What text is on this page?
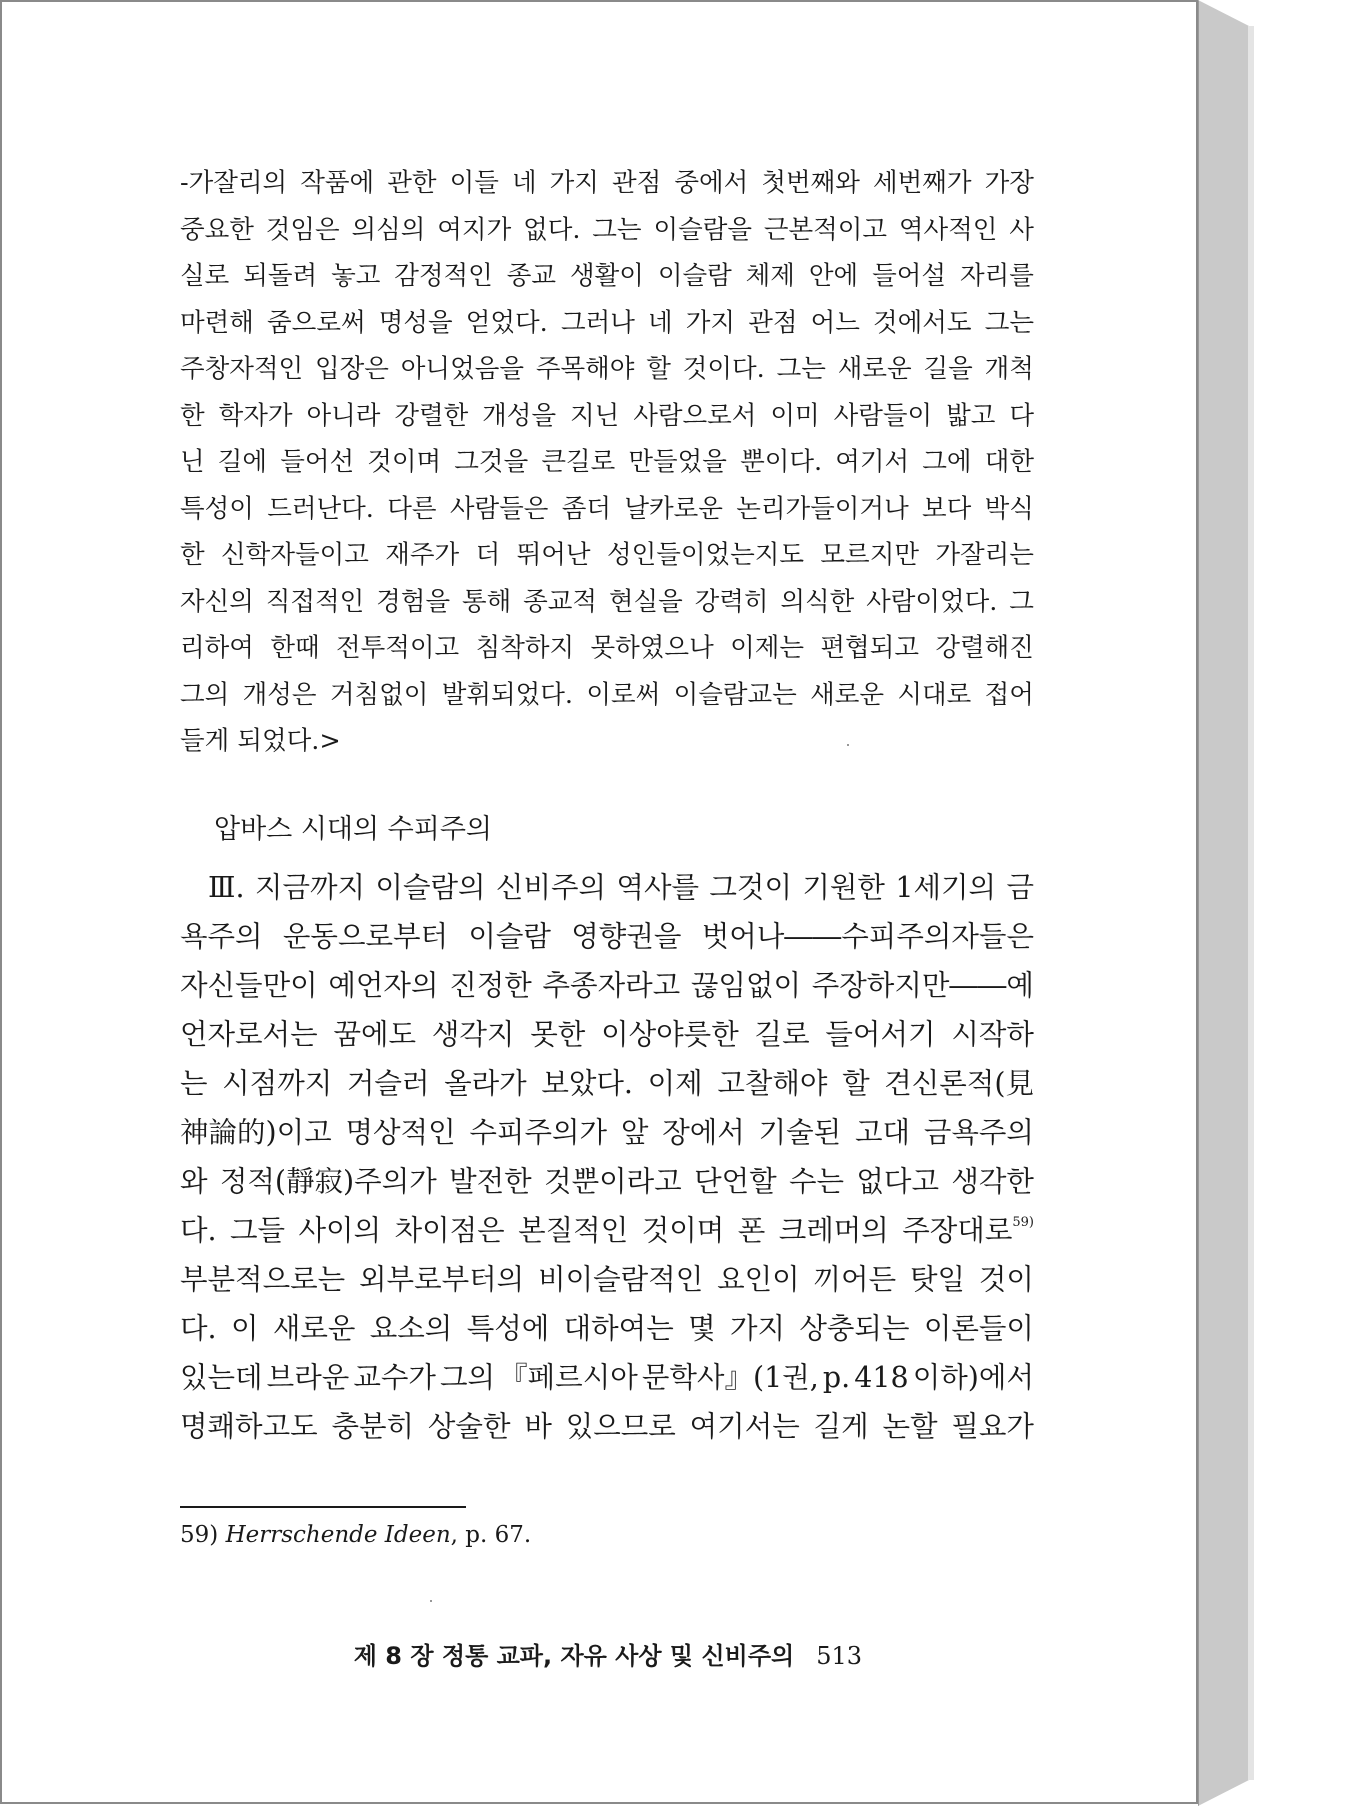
-가잘리의 작품에 관한 이들 네 가지 관점 중에서 첫번째와 세번째가 가장
중요한 것임은 의심의 여지가 없다. 그는 이슬람을 근본적이고 역사적인 사
실로 되돌려 놓고 감정적인 종교 생활이 이슬람 체제 안에 들어설 자리를
마련해 줌으로써 명성을 얻었다. 그러나 네 가지 관점 어느 것에서도 그는
주창자적인 입장은 아니었음을 주목해야 할 것이다. 그는 새로운 길을 개척
한 학자가 아니라 강렬한 개성을 지닌 사람으로서 이미 사람들이 밟고 다
닌 길에 들어선 것이며 그것을 큰길로 만들었을 뿐이다. 여기서 그에 대한
특성이 드러난다. 다른 사람들은 좀더 날카로운 논리가들이거나 보다 박식
한 신학자들이고 재주가 더 뛰어난 성인들이었는지도 모르지만 가잘리는
자신의 직접적인 경험을 통해 종교적 현실을 강력히 의식한 사람이었다. 그
리하여 한때 전투적이고 침착하지 못하였으나 이제는 편협되고 강렬해진
그의 개성은 거침없이 발휘되었다. 이로써 이슬람교는 새로운 시대로 접어
들게 되었다.>
압바스 시대의 수피주의
Ⅲ. 지금까지 이슬람의 신비주의 역사를 그것이 기원한 1세기의 금
욕주의 운동으로부터 이슬람 영향권을 벗어나――수피주의자들은
자신들만이 예언자의 진정한 추종자라고 끊임없이 주장하지만――예
언자로서는 꿈에도 생각지 못한 이상야릇한 길로 들어서기 시작하
는 시점까지 거슬러 올라가 보았다. 이제 고찰해야 할 견신론적(見
神論的)이고 명상적인 수피주의가 앞 장에서 기술된 고대 금욕주의
와 정적(靜寂)주의가 발전한 것뿐이라고 단언할 수는 없다고 생각한
다. 그들 사이의 차이점은 본질적인 것이며 폰 크레머의 주장대로$^{59)}$
부분적으로는 외부로부터의 비이슬람적인 요인이 끼어든 탓일 것이
다. 이 새로운 요소의 특성에 대하여는 몇 가지 상충되는 이론들이
있는데 브라운 교수가 그의 『페르시아 문학사』(1권, p. 418 이하)에서
명쾌하고도 충분히 상술한 바 있으므로 여기서는 길게 논할 필요가

59) Herrschende Ideen, p. 67.

제 8 장 정통 교파, 자유 사상 및 신비주의 513
